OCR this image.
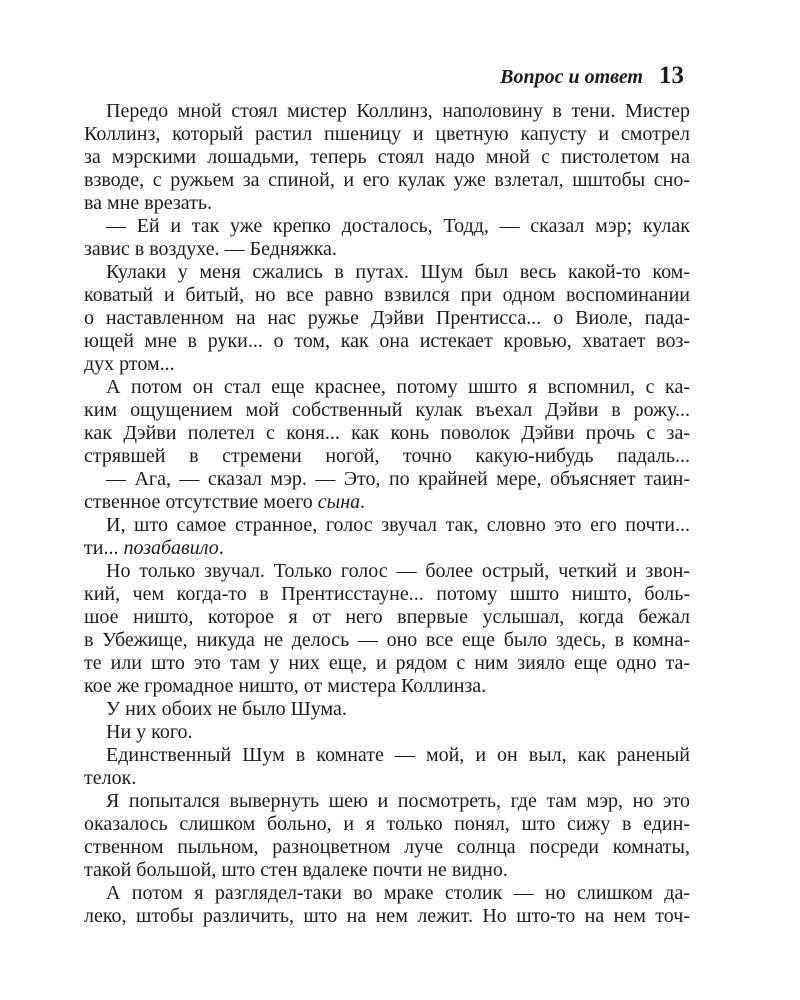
Вопрос и ответ 13
Передо мной стоял мистер Коллинз, наполовину в тени. Мистер
Коллинз, который растил пшеницу и цветную капусту и смотрел
за мэрскими лошадьми, теперь стоял надо мной с пистолетом на
взводе, с ружьем за спиной, и его кулак уже взлетал, шштобы сно-
ва мне врезать.
— Ей и так уже крепко досталось, Тодд, — сказал мэр; кулак
завис в воздухе. — Бедняжка.
Кулаки у меня сжались в путах. Шум был весь какой-то ком-
коватый и битый, но все равно взвился при одном воспоминании
о наставленном на нас ружье Дэйви Прентисса... о Виоле, пада-
ющей мне в руки... о том, как она истекает кровью, хватает воз-
дух ртом...
А потом он стал еще краснее, потому шшто я вспомнил, с ка-
ким ощущением мой собственный кулак въехал Дэйви в рожу...
как Дэйви полетел с коня... как конь поволок Дэйви прочь с за-
стрявшей в стремени ногой, точно какую-нибудь падаль...
— Ага, — сказал мэр. — Это, по крайней мере, объясняет таин-
ственное отсутствие моего сына.
И, што самое странное, голос звучал так, словно это его почти...
ти... позабавило.
Но только звучал. Только голос — более острый, четкий и звон-
кий, чем когда-то в Прентисстауне... потому шшто ништо, боль-
шое ништо, которое я от него впервые услышал, когда бежал
в Убежище, никуда не делось — оно все еще было здесь, в комна-
те или што это там у них еще, и рядом с ним зияло еще одно та-
кое же громадное ништо, от мистера Коллинза.
У них обоих не было Шума.
Ни у кого.
Единственный Шум в комнате — мой, и он выл, как раненый
телок.
Я попытался вывернуть шею и посмотреть, где там мэр, но это
оказалось слишком больно, и я только понял, што сижу в един-
ственном пыльном, разноцветном луче солнца посреди комнаты,
такой большой, што стен вдалеке почти не видно.
А потом я разглядел-таки во мраке столик — но слишком да-
леко, штобы различить, што на нем лежит. Но што-то на нем точ-
